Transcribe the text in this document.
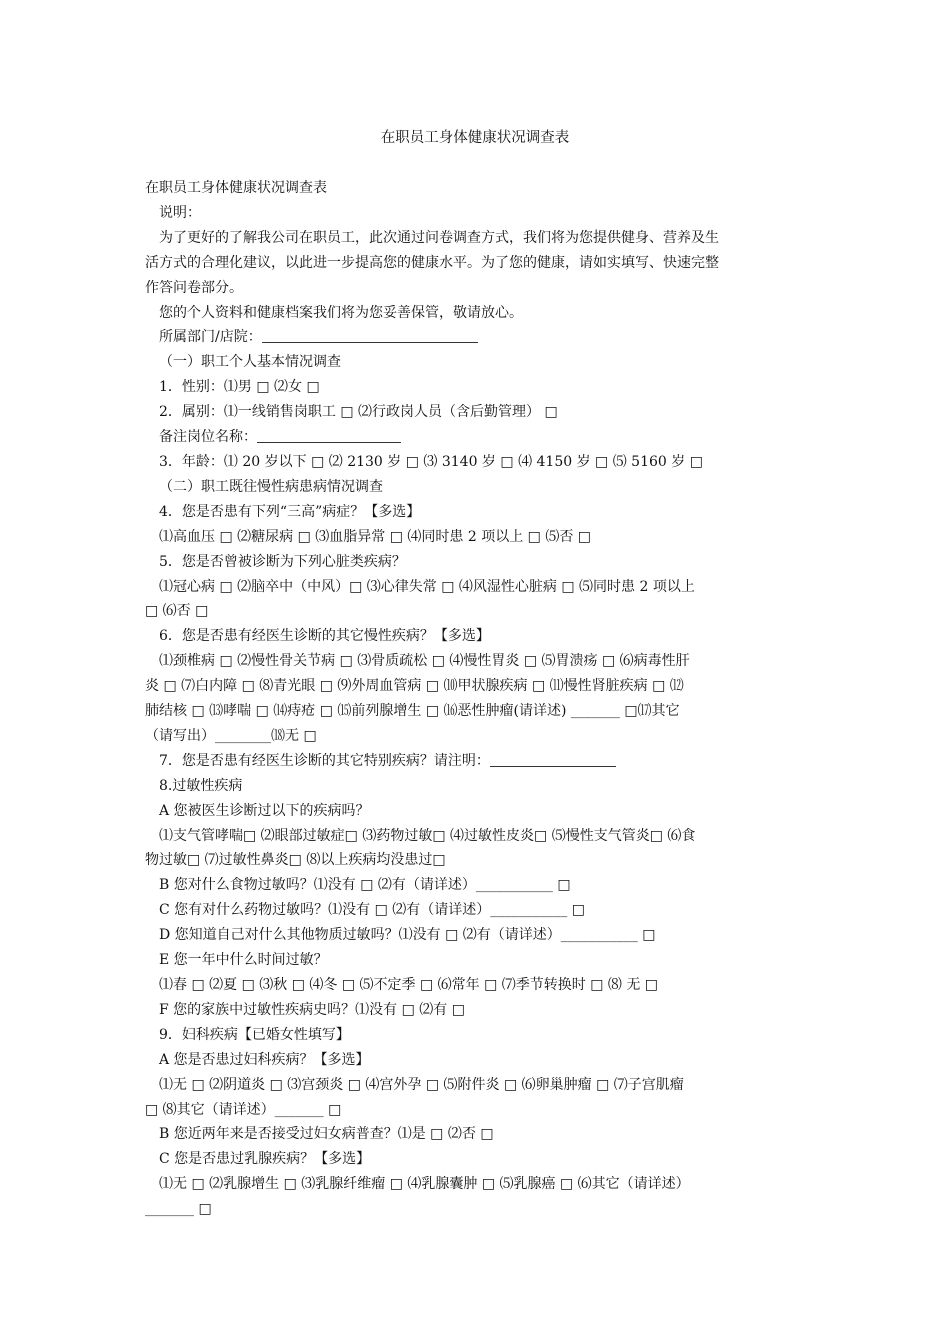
在职员工身体健康状况调查表
在职员工身体健康状况调查表
说明：
为了更好的了解我公司在职员工，此次通过问卷调查方式，我们将为您提供健身、营养及生
活方式的合理化建议，以此进一步提高您的健康水平。为了您的健康，请如实填写、快速完整
作答问卷部分。
您的个人资料和健康档案我们将为您妥善保管，敬请放心。
所属部门/店院：
（一）职工个人基本情况调查
1．性别：⑴男 □ ⑵女 □
2．属别：⑴一线销售岗职工 □ ⑵行政岗人员（含后勤管理） □
备注岗位名称：
3．年龄：⑴ 20 岁以下 □ ⑵ 2130 岁 □ ⑶ 3140 岁 □ ⑷ 4150 岁 □ ⑸ 5160 岁 □
（二）职工既往慢性病患病情况调查
4．您是否患有下列“三高”病症？【多选】
⑴高血压 □ ⑵糖尿病 □ ⑶血脂异常 □ ⑷同时患 2 项以上 □ ⑸否 □
5．您是否曾被诊断为下列心脏类疾病？
⑴冠心病 □ ⑵脑卒中（中风）□ ⑶心律失常 □ ⑷风湿性心脏病 □ ⑸同时患 2 项以上
□ ⑹否 □
6．您是否患有经医生诊断的其它慢性疾病？【多选】
⑴颈椎病 □ ⑵慢性骨关节病 □ ⑶骨质疏松 □ ⑷慢性胃炎 □ ⑸胃溃疡 □ ⑹病毒性肝
炎 □ ⑺白内障 □ ⑻青光眼 □ ⑼外周血管病 □ ⑽甲状腺疾病 □ ⑾慢性肾脏疾病 □ ⑿
肺结核 □ ⒀哮喘 □ ⒁痔疮 □ ⒂前列腺增生 □ ⒃恶性肿瘤(请详述) _______ □⒄其它
（请写出）________⒅无 □
7．您是否患有经医生诊断的其它特别疾病？请注明：
8.过敏性疾病
A 您被医生诊断过以下的疾病吗？
⑴支气管哮喘□ ⑵眼部过敏症□ ⑶药物过敏□ ⑷过敏性皮炎□ ⑸慢性支气管炎□ ⑹食
物过敏□ ⑺过敏性鼻炎□ ⑻以上疾病均没患过□
B 您对什么食物过敏吗？⑴没有 □ ⑵有（请详述）___________ □
C 您有对什么药物过敏吗？⑴没有 □ ⑵有（请详述）___________ □
D 您知道自己对什么其他物质过敏吗？⑴没有 □ ⑵有（请详述）___________ □
E 您一年中什么时间过敏？
⑴春 □ ⑵夏 □ ⑶秋 □ ⑷冬 □ ⑸不定季 □ ⑹常年 □ ⑺季节转换时 □ ⑻ 无 □
F 您的家族中过敏性疾病史吗？⑴没有 □ ⑵有 □
9．妇科疾病【已婚女性填写】
A 您是否患过妇科疾病？【多选】
⑴无 □ ⑵阴道炎 □ ⑶宫颈炎 □ ⑷宫外孕 □ ⑸附件炎 □ ⑹卵巢肿瘤 □ ⑺子宫肌瘤
□ ⑻其它（请详述）_______ □
B 您近两年来是否接受过妇女病普查？⑴是 □ ⑵否 □
C 您是否患过乳腺疾病？【多选】
⑴无 □ ⑵乳腺增生 □ ⑶乳腺纤维瘤 □ ⑷乳腺囊肿 □ ⑸乳腺癌 □ ⑹其它（请详述）
_______ □
